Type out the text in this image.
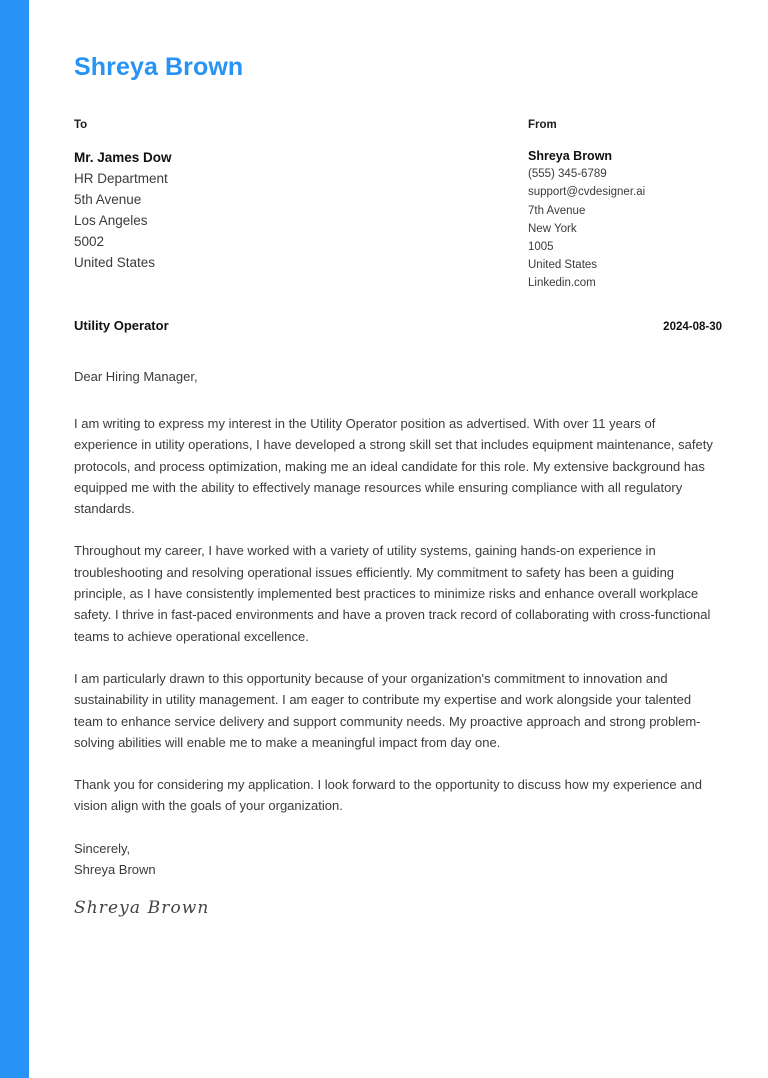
Shreya Brown

To

Mr. James Dow

HR Department

5th Avenue

Los Angeles

5002

United States

From

Shreya Brown

(555) 345-6789

support@cvdesigner.ai

7th Avenue

New York

1005

United States

Linkedin.com

Utility Operator	2024-08-30

Dear Hiring Manager,

I am writing to express my interest in the Utility Operator position as advertised. With over 11 years of experience in utility operations, I have developed a strong skill set that includes equipment maintenance, safety protocols, and process optimization, making me an ideal candidate for this role. My extensive background has equipped me with the ability to effectively manage resources while ensuring compliance with all regulatory standards.

Throughout my career, I have worked with a variety of utility systems, gaining hands-on experience in troubleshooting and resolving operational issues efficiently. My commitment to safety has been a guiding principle, as I have consistently implemented best practices to minimize risks and enhance overall workplace safety. I thrive in fast-paced environments and have a proven track record of collaborating with cross-functional teams to achieve operational excellence.

I am particularly drawn to this opportunity because of your organization's commitment to innovation and sustainability in utility management. I am eager to contribute my expertise and work alongside your talented team to enhance service delivery and support community needs. My proactive approach and strong problem-solving abilities will enable me to make a meaningful impact from day one.

Thank you for considering my application. I look forward to the opportunity to discuss how my experience and vision align with the goals of your organization.

Sincerely,

Shreya Brown

Shreya Brown
